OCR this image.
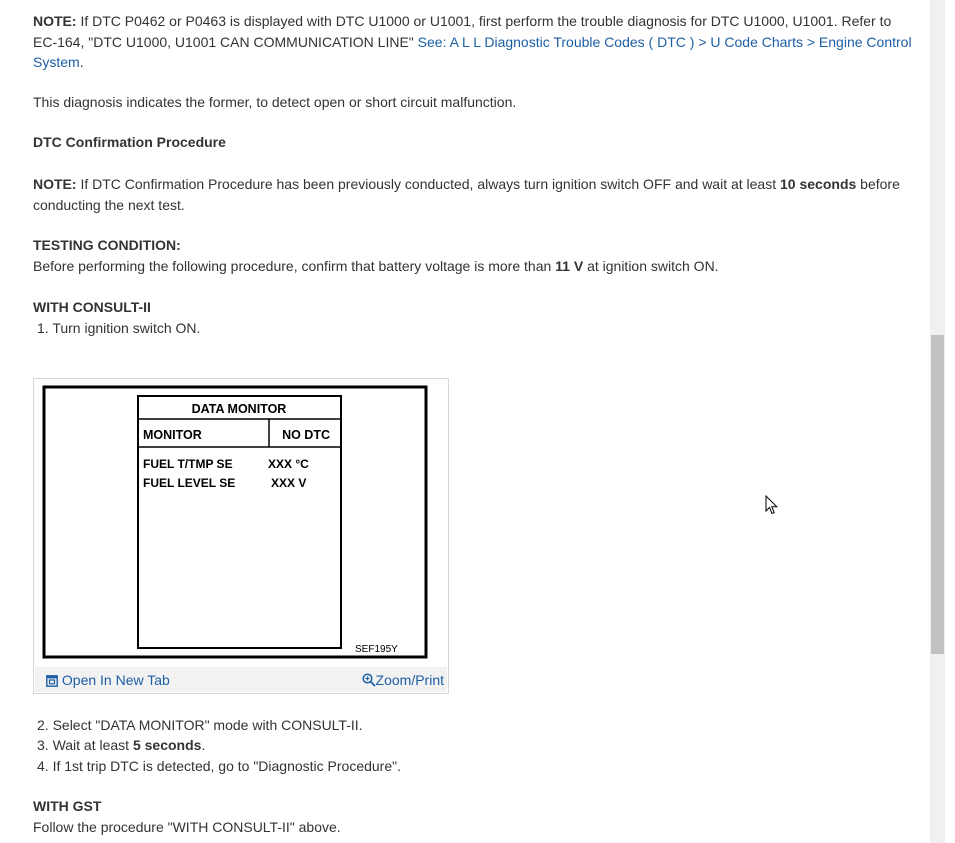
NOTE: If DTC P0462 or P0463 is displayed with DTC U1000 or U1001, first perform the trouble diagnosis for DTC U1000, U1001. Refer to EC-164, "DTC U1000, U1001 CAN COMMUNICATION LINE" See: A L L Diagnostic Trouble Codes ( DTC ) > U Code Charts > Engine Control System.

This diagnosis indicates the former, to detect open or short circuit malfunction.

DTC Confirmation Procedure

NOTE: If DTC Confirmation Procedure has been previously conducted, always turn ignition switch OFF and wait at least 10 seconds before conducting the next test.

TESTING CONDITION:

Before performing the following procedure, confirm that battery voltage is more than 11 V at ignition switch ON.

WITH CONSULT-II

1. Turn ignition switch ON.

DATA MONITOR
MONITOR	NO DTC
FUEL T/TMP SE	XXX °C
FUEL LEVEL SE	XXX V
SEF195Y
Open In New Tab	Zoom/Print

2. Select "DATA MONITOR" mode with CONSULT-II.

3. Wait at least 5 seconds.

4. If 1st trip DTC is detected, go to "Diagnostic Procedure".

WITH GST

Follow the procedure "WITH CONSULT-II" above.
